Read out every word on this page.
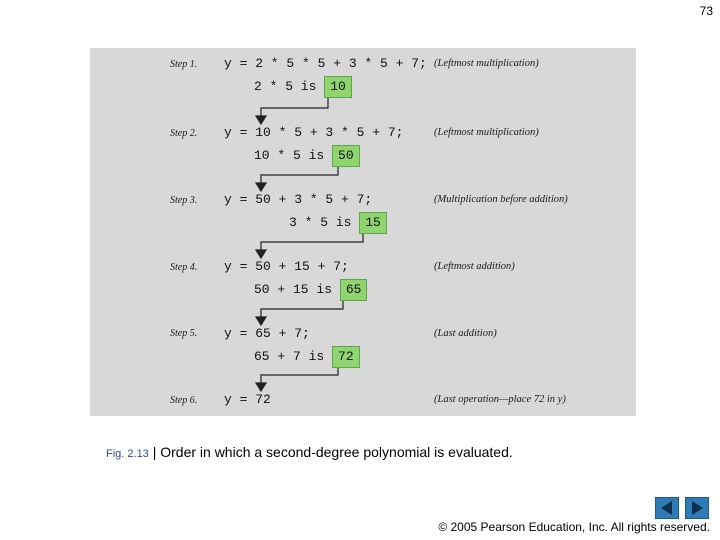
73
Step 1.	y = 2 * 5 * 5 + 3 * 5 + 7; (Leftmost multiplication)
2 * 5 is 10
Step 2.	y = 10 * 5 + 3 * 5 + 7;	(Leftmost multiplication)
10 * 5 is 50
Step 3.	y = 50 + 3 * 5 + 7;	(Multiplication before addition)
3 * 5 is 15
Step 4.	y = 50 + 15 + 7;	(Leftmost addition)
50 + 15 is 65
Step 5.	y = 65 + 7;	(Last addition)
65 + 7 is 72
Step 6.	y = 72	(Last operation—place 72 in y)
Fig. 2.13 | Order in which a second-degree polynomial is evaluated.
© 2005 Pearson Education, Inc. All rights reserved.
